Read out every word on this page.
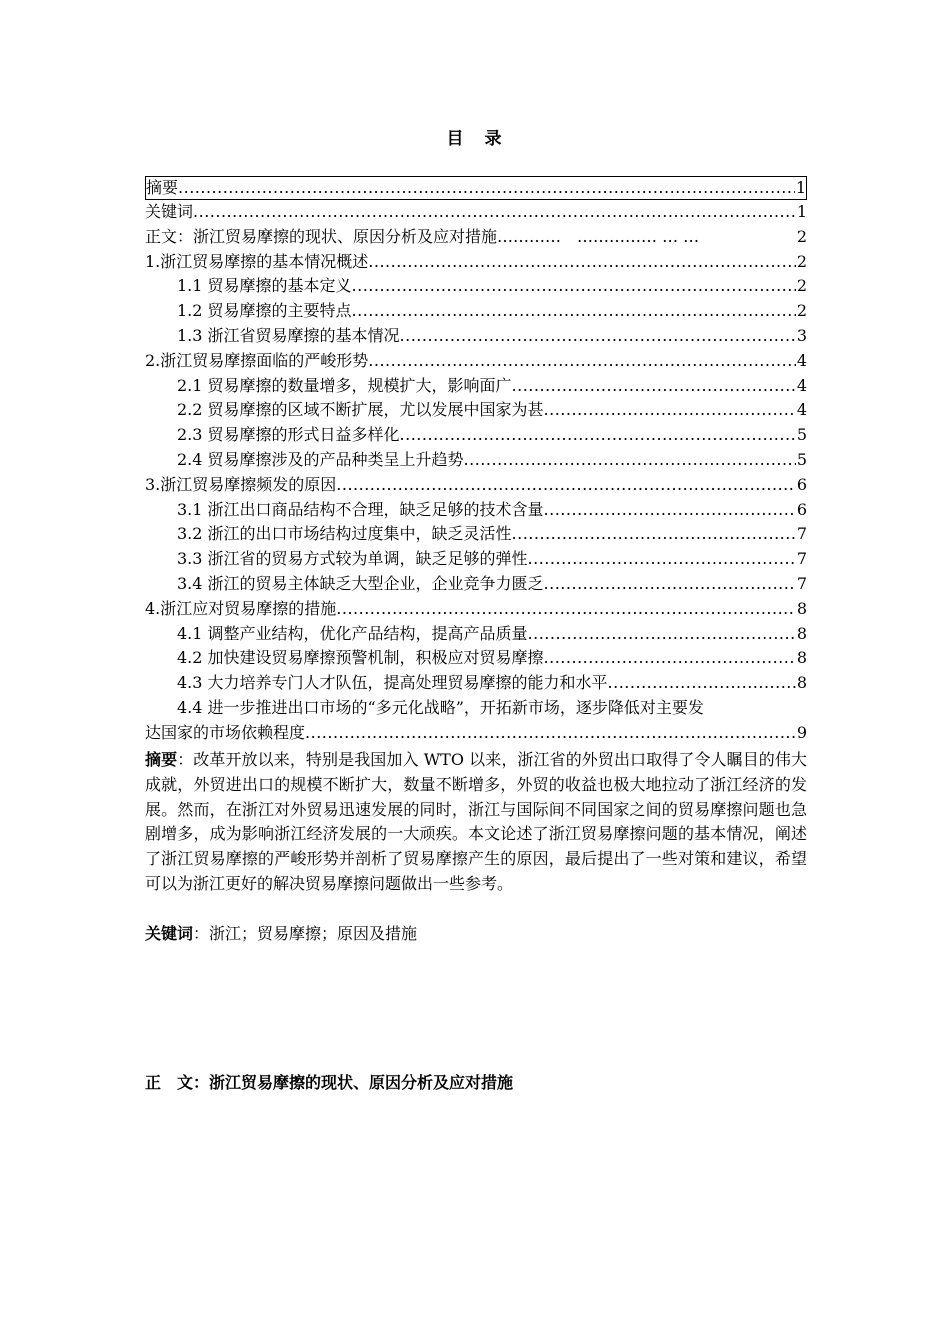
目　录
摘要 .....	1
关键词 .....	1
正文：浙江贸易摩擦的现状、原因分析及应对措施…………　…………… … …	2
1.浙江贸易摩擦的基本情况概述 .....	2
1.1 贸易摩擦的基本定义 .....	2
1.2 贸易摩擦的主要特点 .....	2
1.3 浙江省贸易摩擦的基本情况 .....	3
2.浙江贸易摩擦面临的严峻形势 .....	4
2.1 贸易摩擦的数量增多，规模扩大，影响面广 .....	4
2.2 贸易摩擦的区域不断扩展，尤以发展中国家为甚 .....	4
2.3 贸易摩擦的形式日益多样化 .....	5
2.4 贸易摩擦涉及的产品种类呈上升趋势 .....	5
3.浙江贸易摩擦频发的原因 .....	6
3.1 浙江出口商品结构不合理，缺乏足够的技术含量 .....	6
3.2 浙江的出口市场结构过度集中，缺乏灵活性 .....	7
3.3 浙江省的贸易方式较为单调，缺乏足够的弹性 .....	7
3.4 浙江的贸易主体缺乏大型企业，企业竞争力匮乏 .....	7
4.浙江应对贸易摩擦的措施 .....	8
4.1 调整产业结构，优化产品结构，提高产品质量 .....	8
4.2 加快建设贸易摩擦预警机制，积极应对贸易摩擦 .....	8
4.3 大力培养专门人才队伍，提高处理贸易摩擦的能力和水平 .....	8
4.4 进一步推进出口市场的“多元化战略”，开拓新市场，逐步降低对主要发
达国家的市场依赖程度 .....	9
摘要：改革开放以来，特别是我国加入 WTO 以来，浙江省的外贸出口取得了令人瞩目的伟大成就，外贸进出口的规模不断扩大，数量不断增多，外贸的收益也极大地拉动了浙江经济的发展。然而，在浙江对外贸易迅速发展的同时，浙江与国际间不同国家之间的贸易摩擦问题也急剧增多，成为影响浙江经济发展的一大顽疾。本文论述了浙江贸易摩擦问题的基本情况，阐述了浙江贸易摩擦的严峻形势并剖析了贸易摩擦产生的原因，最后提出了一些对策和建议，希望可以为浙江更好的解决贸易摩擦问题做出一些参考。
关键词：浙江；贸易摩擦；原因及措施
正　文：浙江贸易摩擦的现状、原因分析及应对措施
